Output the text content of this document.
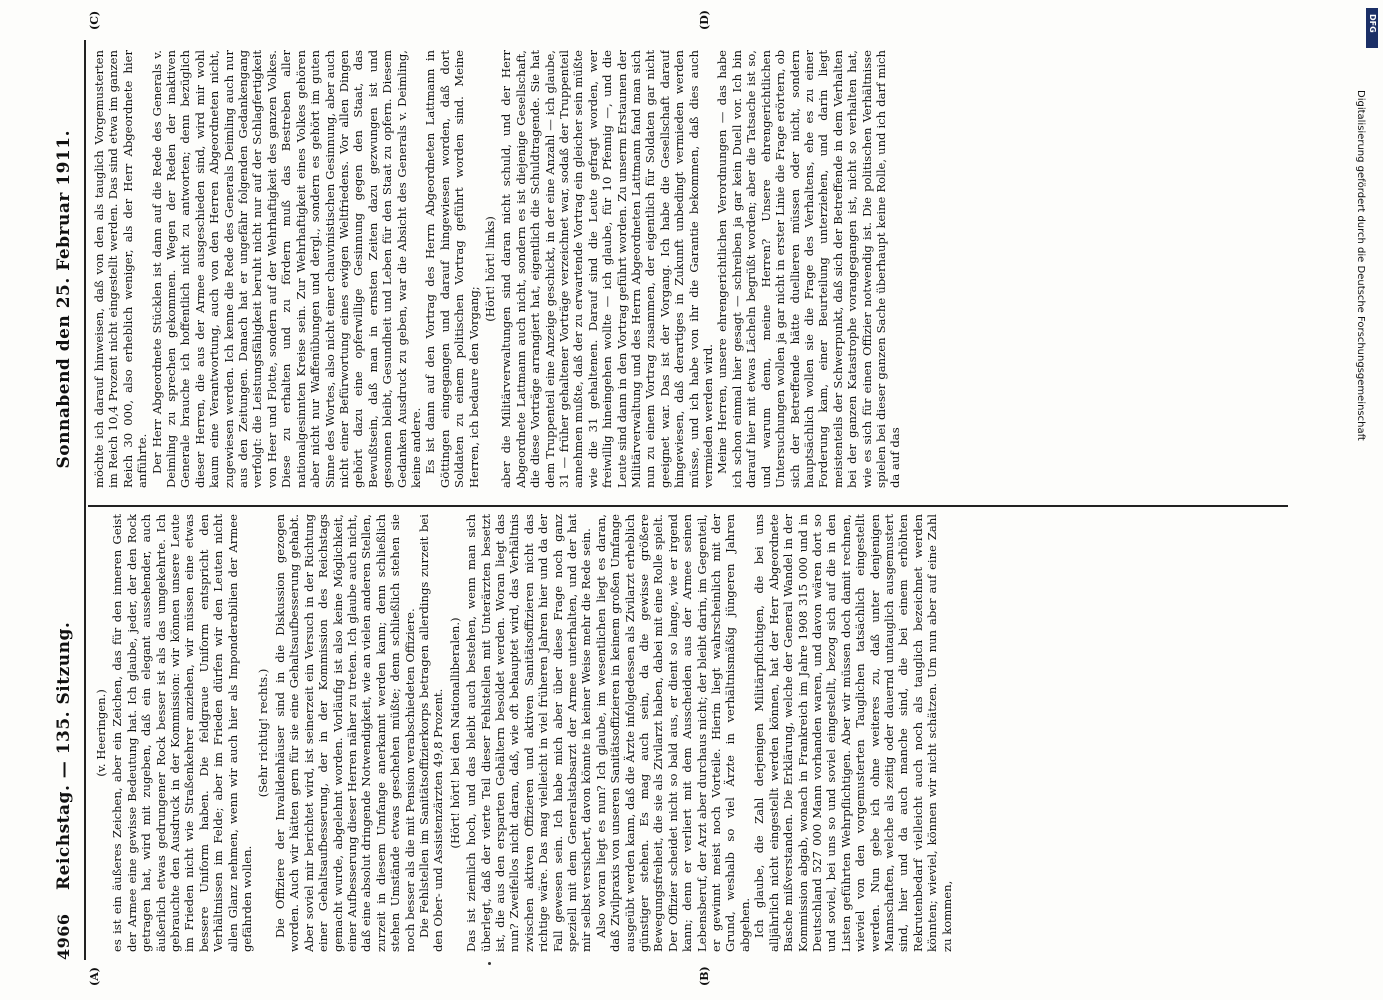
4966
Reichstag. — 135. Sitzung.
Sonnabend den 25. Februar 1911.
(A)	(B)
(C)	(D)

(v. Heeringen.) es ist ein äußeres Zeichen, aber ein Zeichen, das für den inneren Geist der Armee eine gewisse Bedeutung hat. Ich glaube, jeder, der den Rock getragen hat, wird mit zugeben, daß ein elegant aussehender, auch äußerlich etwas gedrungener Rock besser ist als das umgekehrte. Ich gebrauchte den Ausdruck in der Kommission: wir können unsere Leute im Frieden nicht wie Straßenkehrer anziehen, wir müssen eine etwas bessere Uniform haben. Die feldgraue Uniform entspricht den Verhältnissen im Felde; aber im Frieden dürfen wir den Leuten nicht allen Glanz nehmen, wenn wir auch hier als Imponderabilien der Armee gefährden wollen.

(Sehr richtig! rechts.) Die Offiziere der Invalidenhäuser sind in die Diskussion gezogen worden. Auch wir hätten gern für sie eine Gehaltsaufbesserung gehabt. Aber soviel mir berichtet wird, ist seinerzeit ein Versuch in der Richtung einer Gehaltsaufbesserung, der in der Kommission des Reichstags gemacht wurde, abgelehnt worden. Vorläufig ist also keine Möglichkeit, einer Aufbesserung dieser Herren näher zu treten. Ich glaube auch nicht, daß eine absolut dringende Notwendigkeit, wie an vielen anderen Stellen, zurzeit in diesem Umfange anerkannt werden kann; denn schließlich stehen Umstände etwas geschehen müßte; denn schließlich stehen sie noch besser als die mit Pension verabschiedeten Offiziere. Die Fehlstellen im Sanitätsoffizierkorps betragen allerdings zurzeit bei den Ober- und Assistenzärzten 49,8 Prozent. (Hört! hört! bei den Nationalliberalen.) Das ist ziemlich hoch, und das bleibt auch bestehen, wenn man sich überlegt, daß der vierte Teil dieser Fehlstellen mit Unterärzten besetzt ist, die aus den ersparten Gehältern besoldet werden. Woran liegt das nun? Zweifellos nicht daran, daß, wie oft behauptet wird, das Verhältnis zwischen aktiven Offizieren und aktiven Sanitätsoffizieren nicht das richtige wäre. Das mag vielleicht in viel früheren Jahren hier und da der Fall gewesen sein. Ich habe mich aber über diese Frage noch ganz speziell mit dem Generalstabsarzt der Armee unterhalten, und der hat mir selbst versichert, davon könnte in keiner Weise mehr die Rede sein. Also woran liegt es nun? Ich glaube, im wesentlichen liegt es daran, daß Zivilpraxis von unseren Sanitätsoffizieren in keinem großen Umfange ausgeübt werden kann, daß die Ärzte infolgedessen als Zivilarzt erheblich günstiger stehen. Es mag auch sein, da die gewisse größere Bewegungsfreiheit, die sie als Zivilarzt haben, dabei mit eine Rolle spielt. Der Offizier scheidet nicht so bald aus, er dient so lange, wie er irgend kann; denn er verliert mit dem Ausscheiden aus der Armee seinen Lebensberuf, der Arzt aber durchaus nicht; der bleibt darin, im Gegenteil, er gewinnt meist noch Vorteile. Hierin liegt wahrscheinlich mit der Grund, weshalb so viel Ärzte in verhältnismäßig jüngeren Jahren abgehen. Ich glaube, die Zahl derjenigen Militärpflichtigen, die bei uns alljährlich nicht eingestellt werden können, hat der Herr Abgeordnete Basche mißverstanden. Die Erklärung, welche der General Wandel in der Kommission abgab, wonach in Frankreich im Jahre 1908 315 000 und in Deutschland 527 000 Mann vorhanden waren, und davon wären dort so und soviel, bei uns so und soviel eingestellt, bezog sich auf die in den Listen geführten Wehrpflichtigen. Aber wir müssen doch damit rechnen, wieviel von den vorgemusterten Tauglichen tatsächlich eingestellt werden. Nun gebe ich ohne weiteres zu, daß unter denjenigen Mannschaften, welche als zeitig oder dauernd untauglich ausgemustert sind, hier und da auch manche sind, die bei einem erhöhten Rekrutenbedarf vielleicht auch noch als tauglich bezeichnet werden könnten; wieviel, können wir nicht schätzen. Um nun aber auf eine Zahl zu kommen,

möchte ich darauf hinweisen, daß von den als tauglich Vorgemusterten im Reich 10,4 Prozent nicht eingestellt werden. Das sind etwa im ganzen Reich 30 000, also erheblich weniger, als der Herr Abgeordnete hier anführte. Der Herr Abgeordnete Stücklen ist dann auf die Rede des Generals v. Deimling zu sprechen gekommen. Wegen der Reden der inaktiven Generale brauche ich hoffentlich nicht zu antworten; denn bezüglich dieser Herren, die aus der Armee ausgeschieden sind, wird mir wohl kaum eine Verantwortung, auch von den Herren Abgeordneten nicht, zugewiesen werden. Ich kenne die Rede des Generals Deimling auch nur aus den Zeitungen. Danach hat er ungefähr folgenden Gedankengang verfolgt: die Leistungsfähigkeit beruht nicht nur auf der Schlagfertigkeit von Heer und Flotte, sondern auf der Wehrhaftigkeit des ganzen Volkes. Diese zu erhalten und zu fördern muß das Bestreben aller nationalgesinnten Kreise sein. Zur Wehrhaftigkeit eines Volkes gehören aber nicht nur Waffenübungen und dergl., sondern es gehört im guten Sinne des Wortes, also nicht einer chauvinistischen Gesinnung, aber auch nicht einer Befürwortung eines ewigen Weltfriedens. Vor allen Dingen gehört dazu eine opferwillige Gesinnung gegen den Staat, das Bewußtsein, daß man in ernsten Zeiten dazu gezwungen ist und gesonnen bleibt, Gesundheit und Leben für den Staat zu opfern. Diesem Gedanken Ausdruck zu geben, war die Absicht des Generals v. Deimling, keine andere. Es ist dann auf den Vortrag des Herrn Abgeordneten Lattmann in Göttingen eingegangen und darauf hingewiesen worden, daß dort Soldaten zu einem politischen Vortrag geführt worden sind. Meine Herren, ich bedaure den Vorgang;

(Hört! hört! links) aber die Militärverwaltungen sind daran nicht schuld, und der Herr Abgeordnete Lattmann auch nicht, sondern es ist diejenige Gesellschaft, die diese Vorträge arrangiert hat, eigentlich die Schuldtragende. Sie hat dem Truppenteil eine Anzeige geschickt, in der eine Anzahl — ich glaube, 31 — früher gehaltener Vorträge verzeichnet war, sodaß der Truppenteil annehmen mußte, daß der zu erwartende Vortrag ein gleicher sein müßte wie die 31 gehaltenen. Darauf sind die Leute gefragt worden, wer freiwillig hineingehen wollte — ich glaube, für 10 Pfennig —, und die Leute sind dann in den Vortrag geführt worden. Zu unserm Erstaunen der Militärverwaltung und des Herrn Abgeordneten Lattmann fand man sich nun zu einem Vortrag zusammen, der eigentlich für Soldaten gar nicht geeignet war. Das ist der Vorgang. Ich habe die Gesellschaft darauf hingewiesen, daß derartiges in Zukunft unbedingt vermieden werden müsse, und ich habe von ihr die Garantie bekommen, daß dies auch vermieden werden wird. Meine Herren, unsere ehrengerichtlichen Verordnungen — das habe ich schon einmal hier gesagt — schreiben ja gar kein Duell vor. Ich bin darauf hier mit etwas Lächeln begrüßt worden; aber die Tatsache ist so, und warum denn, meine Herren? Unsere ehrengerichtlichen Untersuchungen wollen ja gar nicht in erster Linie die Frage erörtern, ob sich der Betreffende hätte duellieren müssen oder nicht, sondern hauptsächlich wollen sie die Frage des Verhaltens, ehe es zu einer Forderung kam, einer Beurteilung unterziehen, und darin liegt meistenteils der Schwerpunkt, daß sich der Betreffende in dem Verhalten bei der ganzen Katastrophe vorangegangen ist, nicht so verhalten hat, wie es sich für einen Offizier notwendig ist. Die politischen Verhältnisse spielen bei dieser ganzen Sache überhaupt keine Rolle, und ich darf mich da auf das

DFG
Digitalisierung gefördert durch die Deutsche Forschungsgemeinschaft
